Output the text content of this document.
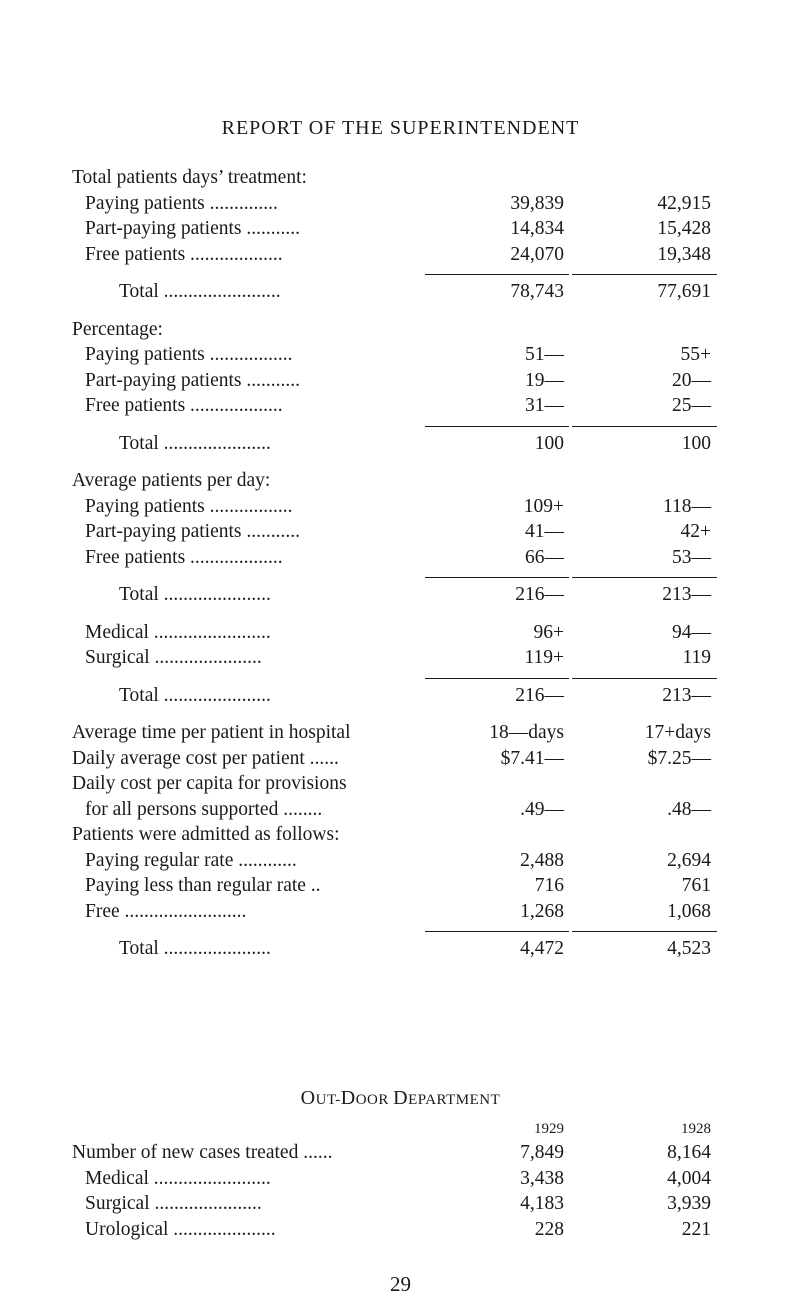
REPORT OF THE SUPERINTENDENT
Total patients days’ treatment:
Paying patients ..............	39,839	42,915
Part-paying patients ...........	14,834	15,428
Free patients ...................	24,070	19,348
Total ........................	78,743	77,691
Percentage:
Paying patients .................	51—	55+
Part-paying patients ...........	19—	20—
Free patients ...................	31—	25—
Total ......................	100	100
Average patients per day:
Paying patients .................	109+	118—
Part-paying patients ...........	41—	42+
Free patients ...................	66—	53—
Total ......................	216—	213—
Medical ........................	96+	94—
Surgical ......................	119+	119
Total ......................	216—	213—
Average time per patient in hospital	18—days	17+days
Daily average cost per patient ......	$7.41—	$7.25—
Daily cost per capita for provisions
for all persons supported ........	.49—	.48—
Patients were admitted as follows:
Paying regular rate ............	2,488	2,694
Paying less than regular rate ..	716	761
Free .........................	1,268	1,068
Total ......................	4,472	4,523
OUT-DOOR DEPARTMENT
1929	1928
Number of new cases treated ......	7,849	8,164
Medical ........................	3,438	4,004
Surgical ......................	4,183	3,939
Urological .....................	228	221
29
